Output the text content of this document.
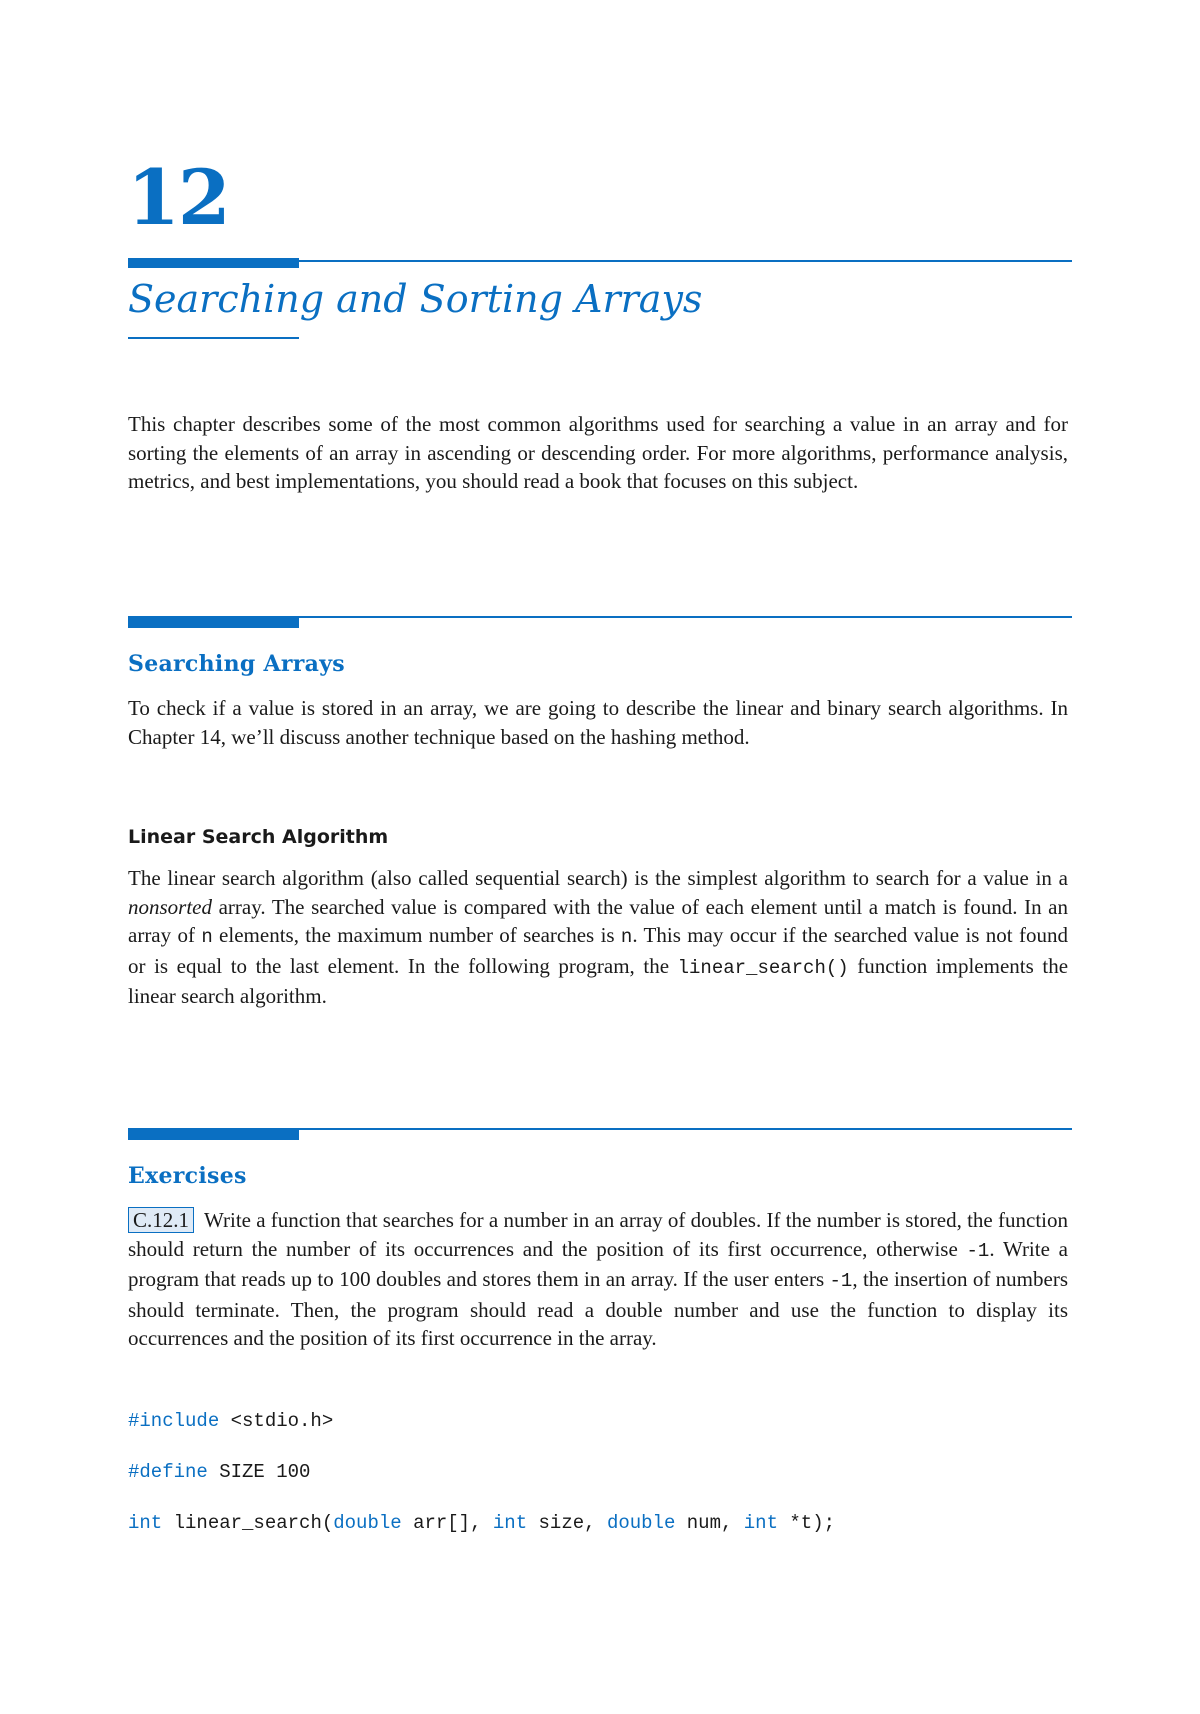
12
Searching and Sorting Arrays

This chapter describes some of the most common algorithms used for searching a value in an array and for sorting the elements of an array in ascending or descending order. For more algorithms, performance analysis, metrics, and best implementations, you should read a book that focuses on this subject.

Searching Arrays

To check if a value is stored in an array, we are going to describe the linear and binary search algorithms. In Chapter 14, we’ll discuss another technique based on the hashing method.

Linear Search Algorithm

The linear search algorithm (also called sequential search) is the simplest algorithm to search for a value in a nonsorted array. The searched value is compared with the value of each element until a match is found. In an array of n elements, the maximum number of searches is n. This may occur if the searched value is not found or is equal to the last element. In the following program, the linear_search() function implements the linear search algorithm.

Exercises

C.12.1 Write a function that searches for a number in an array of doubles. If the number is stored, the function should return the number of its occurrences and the position of its first occurrence, otherwise -1. Write a program that reads up to 100 doubles and stores them in an array. If the user enters -1, the insertion of numbers should terminate. Then, the program should read a double number and use the function to display its occurrences and the position of its first occurrence in the array.

#include <stdio.h>
#define SIZE 100
int linear_search(double arr[], int size, double num, int *t);
